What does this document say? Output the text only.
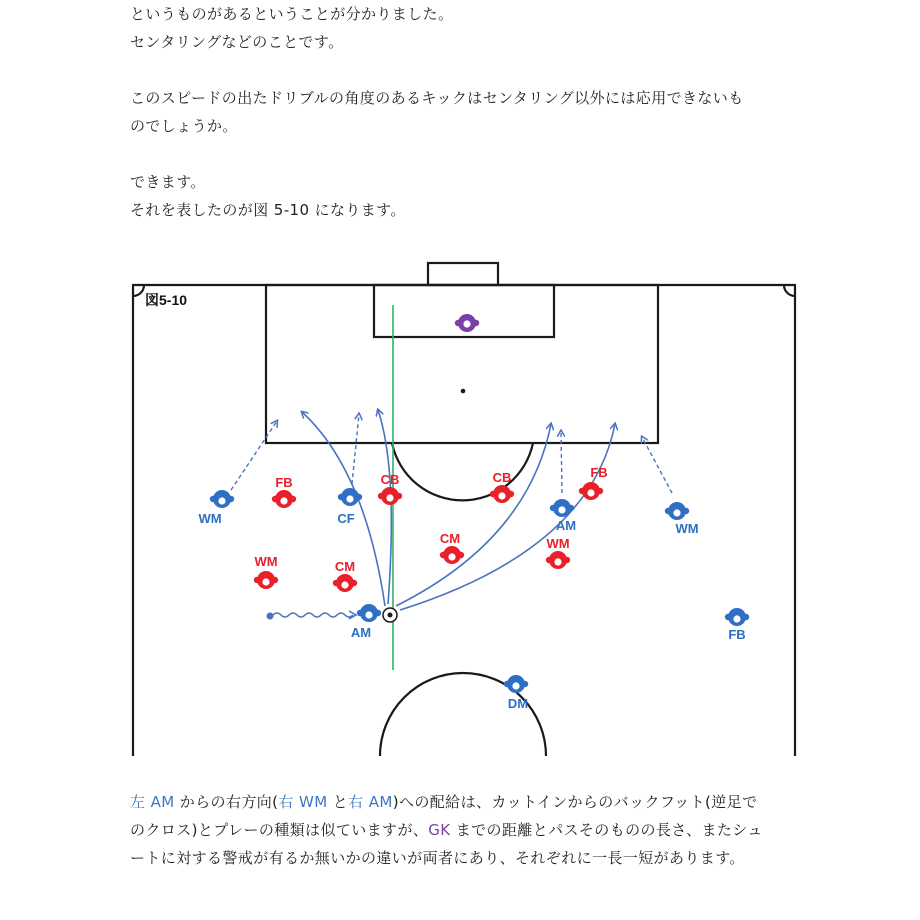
というものがあるということが分かりました。

センタリングなどのことです。

このスピードの出たドリブルの角度のあるキックはセンタリング以外には応用できないも

のでしょうか。

できます。

それを表したのが図 5-10 になります。

図5-10
WM	CF
AM
WM
AM
FB
DM
FB	CB	CB	FB
CM
WM
WM
CM

左 AM からの右方向(右 WM と右 AM)への配給は、カットインからのバックフット(逆足で

のクロス)とプレーの種類は似ていますが、GK までの距離とパスそのものの長さ、またシュ

ートに対する警戒が有るか無いかの違いが両者にあり、それぞれに一長一短があります。
